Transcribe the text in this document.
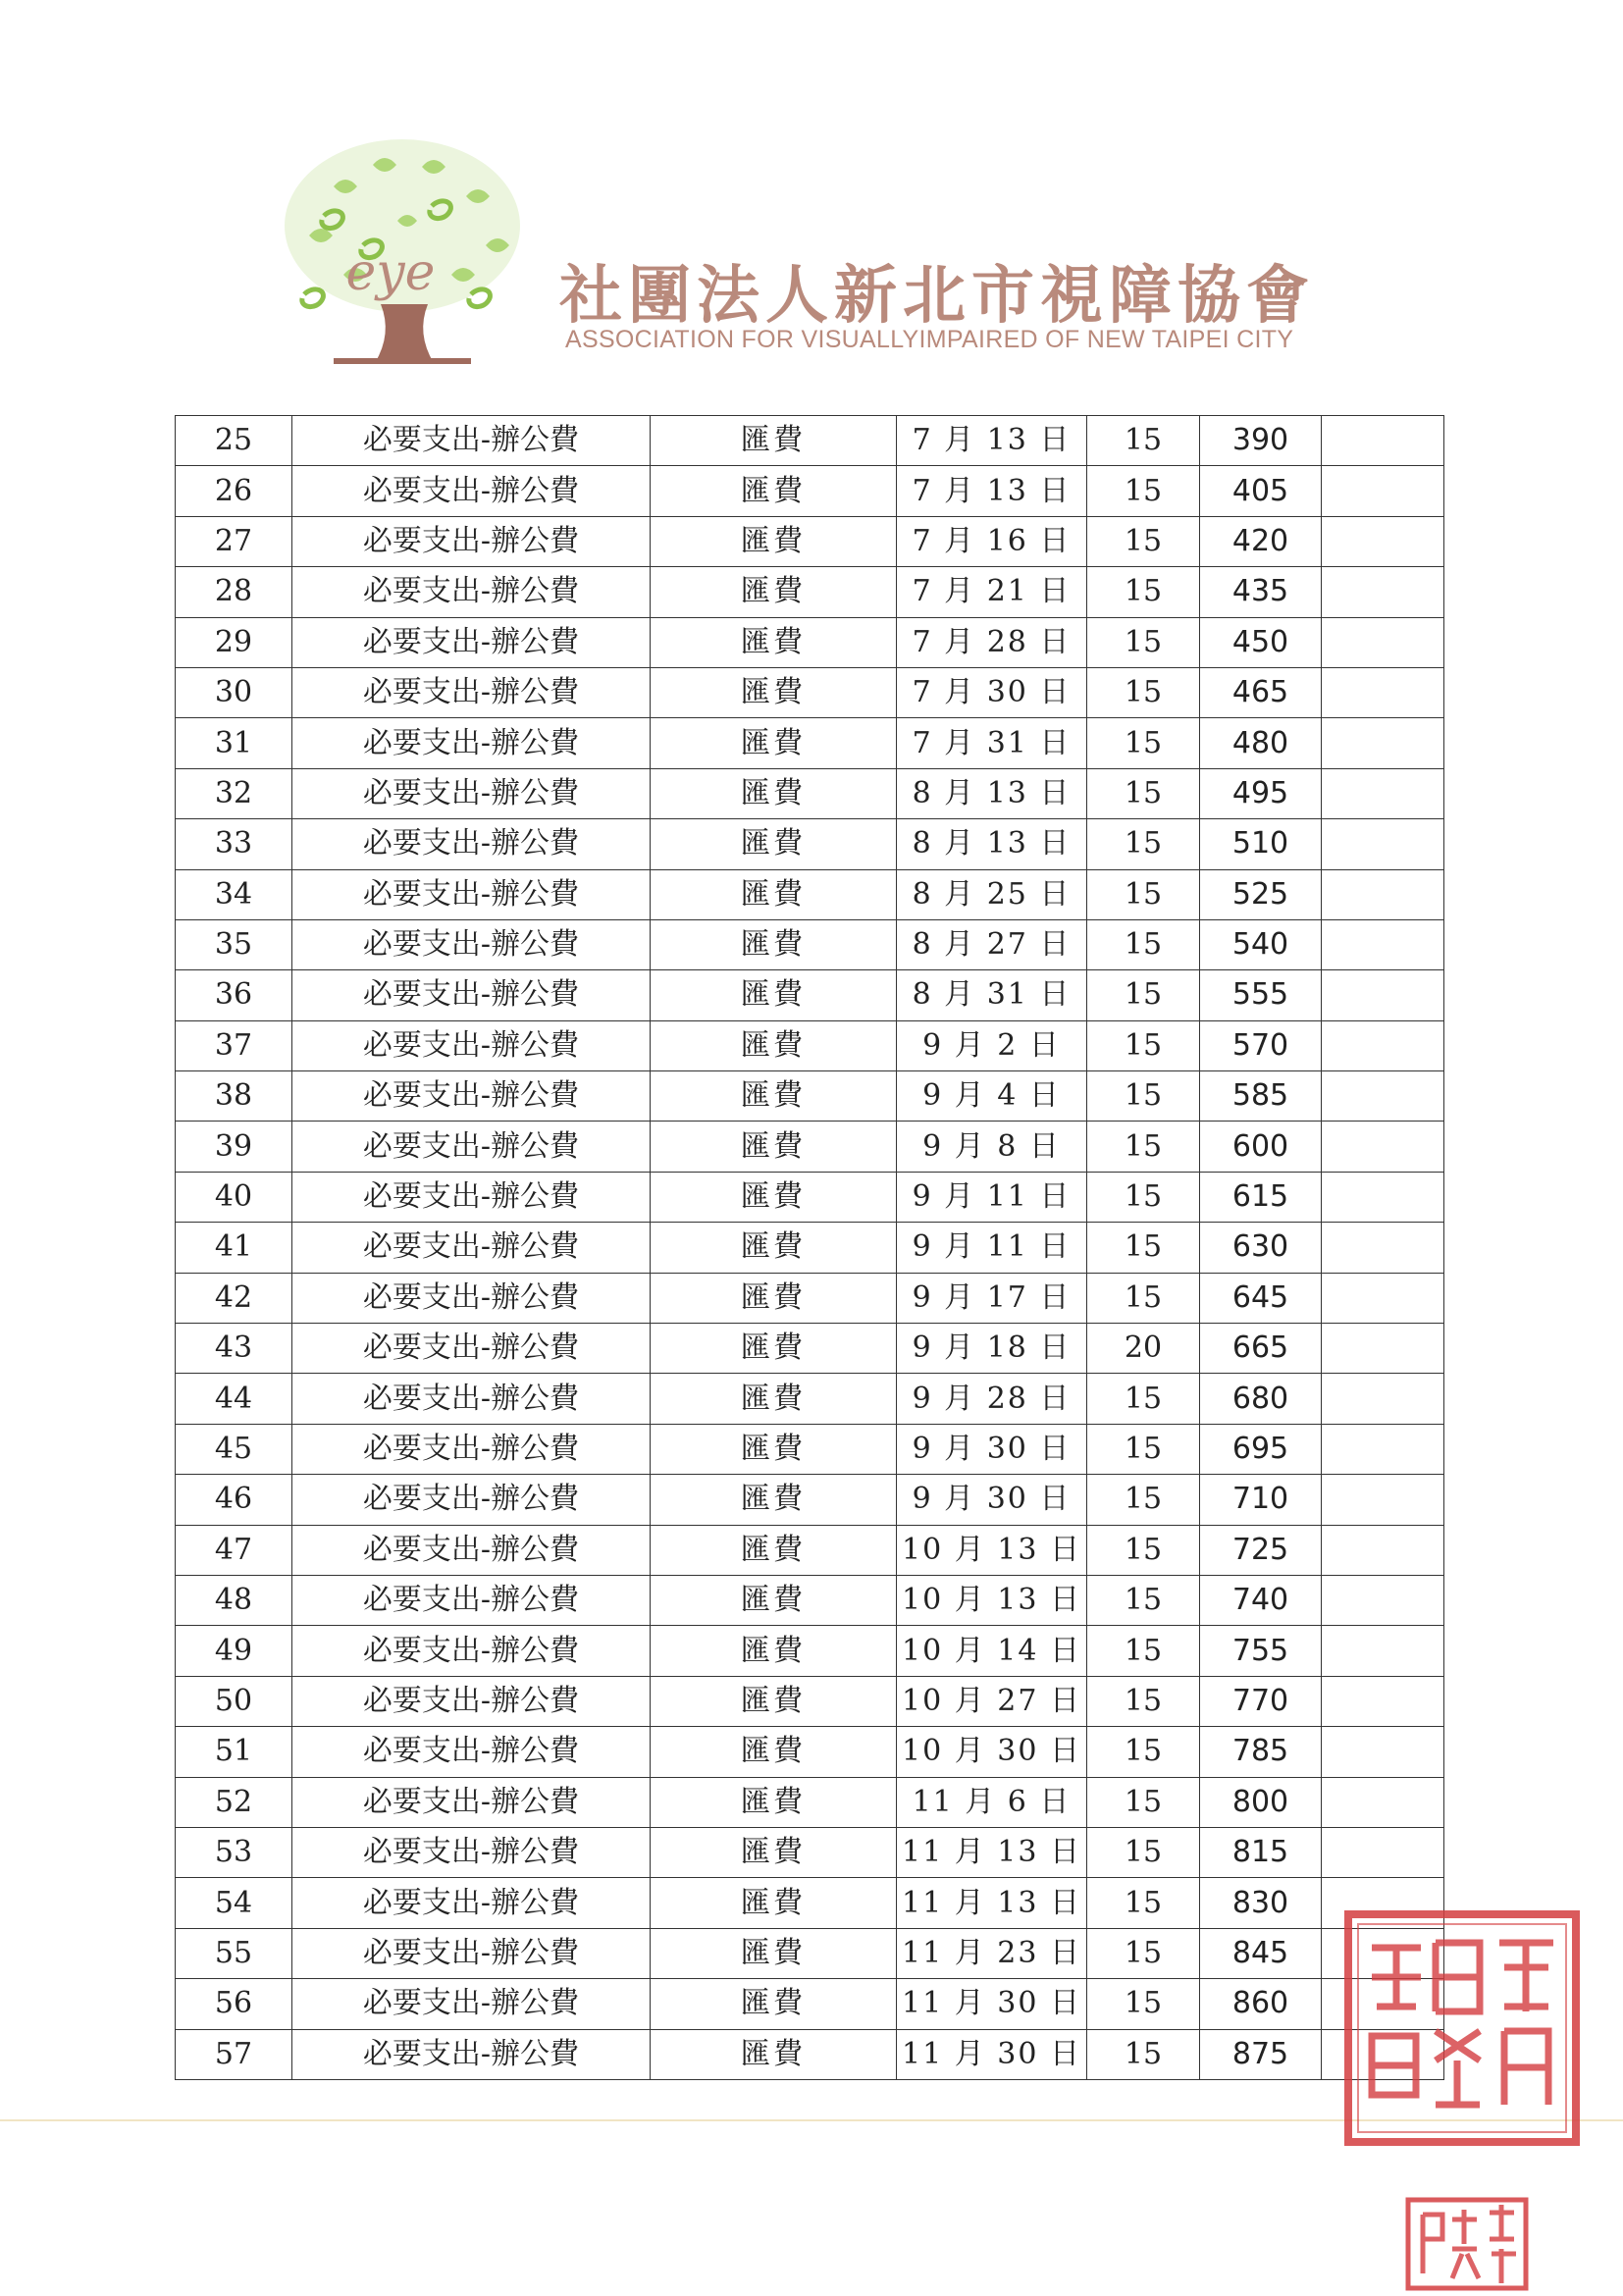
eye 社團法人新北市視障協會
ASSOCIATION FOR VISUALLYIMPAIRED OF NEW TAIPEI CITY
25	必要支出-辦公費	匯費	7 月 13 日	15	390	
26	必要支出-辦公費	匯費	7 月 13 日	15	405	
27	必要支出-辦公費	匯費	7 月 16 日	15	420	
28	必要支出-辦公費	匯費	7 月 21 日	15	435	
29	必要支出-辦公費	匯費	7 月 28 日	15	450	
30	必要支出-辦公費	匯費	7 月 30 日	15	465	
31	必要支出-辦公費	匯費	7 月 31 日	15	480	
32	必要支出-辦公費	匯費	8 月 13 日	15	495	
33	必要支出-辦公費	匯費	8 月 13 日	15	510	
34	必要支出-辦公費	匯費	8 月 25 日	15	525	
35	必要支出-辦公費	匯費	8 月 27 日	15	540	
36	必要支出-辦公費	匯費	8 月 31 日	15	555	
37	必要支出-辦公費	匯費	9 月 2 日	15	570	
38	必要支出-辦公費	匯費	9 月 4 日	15	585	
39	必要支出-辦公費	匯費	9 月 8 日	15	600	
40	必要支出-辦公費	匯費	9 月 11 日	15	615	
41	必要支出-辦公費	匯費	9 月 11 日	15	630	
42	必要支出-辦公費	匯費	9 月 17 日	15	645	
43	必要支出-辦公費	匯費	9 月 18 日	20	665	
44	必要支出-辦公費	匯費	9 月 28 日	15	680	
45	必要支出-辦公費	匯費	9 月 30 日	15	695	
46	必要支出-辦公費	匯費	9 月 30 日	15	710	
47	必要支出-辦公費	匯費	10 月 13 日	15	725	
48	必要支出-辦公費	匯費	10 月 13 日	15	740	
49	必要支出-辦公費	匯費	10 月 14 日	15	755	
50	必要支出-辦公費	匯費	10 月 27 日	15	770	
51	必要支出-辦公費	匯費	10 月 30 日	15	785	
52	必要支出-辦公費	匯費	11 月 6 日	15	800	
53	必要支出-辦公費	匯費	11 月 13 日	15	815	
54	必要支出-辦公費	匯費	11 月 13 日	15	830	
55	必要支出-辦公費	匯費	11 月 23 日	15	845	
56	必要支出-辦公費	匯費	11 月 30 日	15	860	
57	必要支出-辦公費	匯費	11 月 30 日	15	875	
